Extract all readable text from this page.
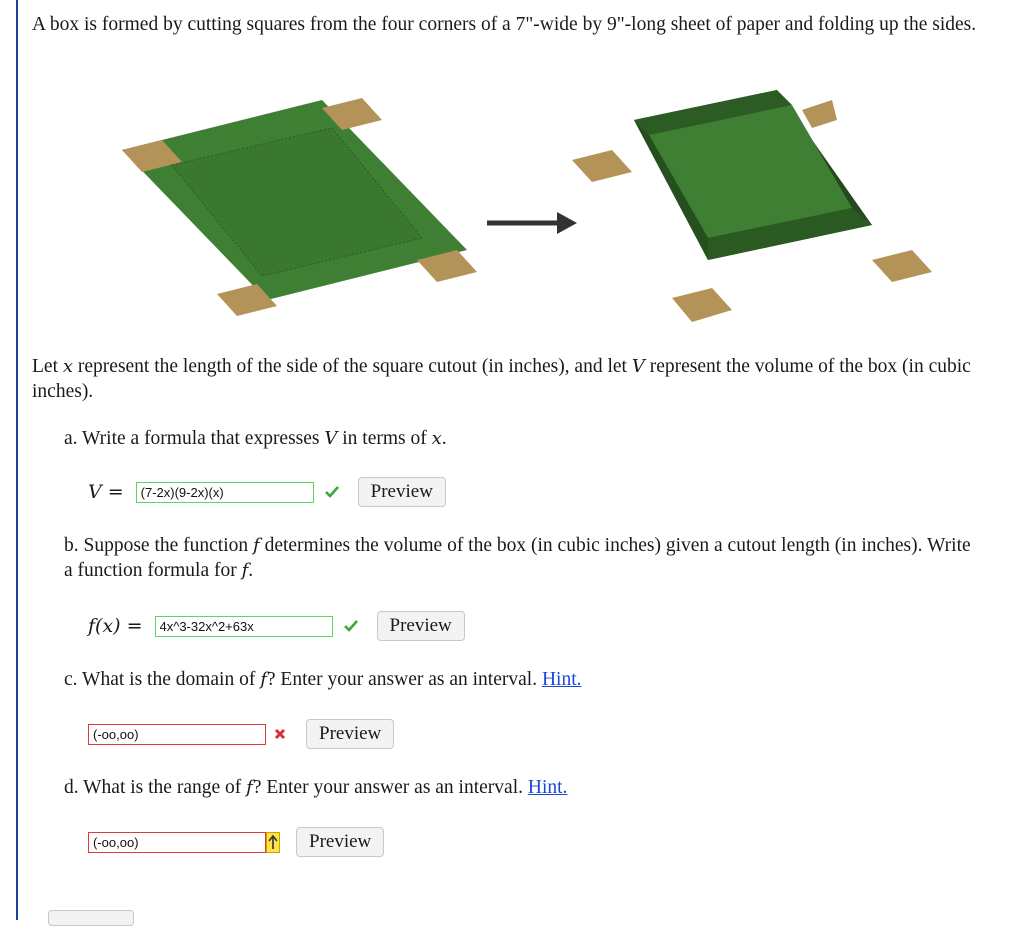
A box is formed by cutting squares from the four corners of a 7"-wide by 9"-long sheet of paper and folding up the sides.

Let x represent the length of the side of the square cutout (in inches), and let V represent the volume of the box (in cubic inches).

a. Write a formula that expresses V in terms of x.

V =
(7-2x)(9-2x)(x)	Preview

b. Suppose the function f determines the volume of the box (in cubic inches) given a cutout length (in inches). Write a function formula for f.

f(x) =
4x^3-32x^2+63x	Preview

c. What is the domain of f? Enter your answer as an interval. Hint.

(-oo,oo)
Preview

d. What is the range of f? Enter your answer as an interval. Hint.

(-oo,oo)
Preview
